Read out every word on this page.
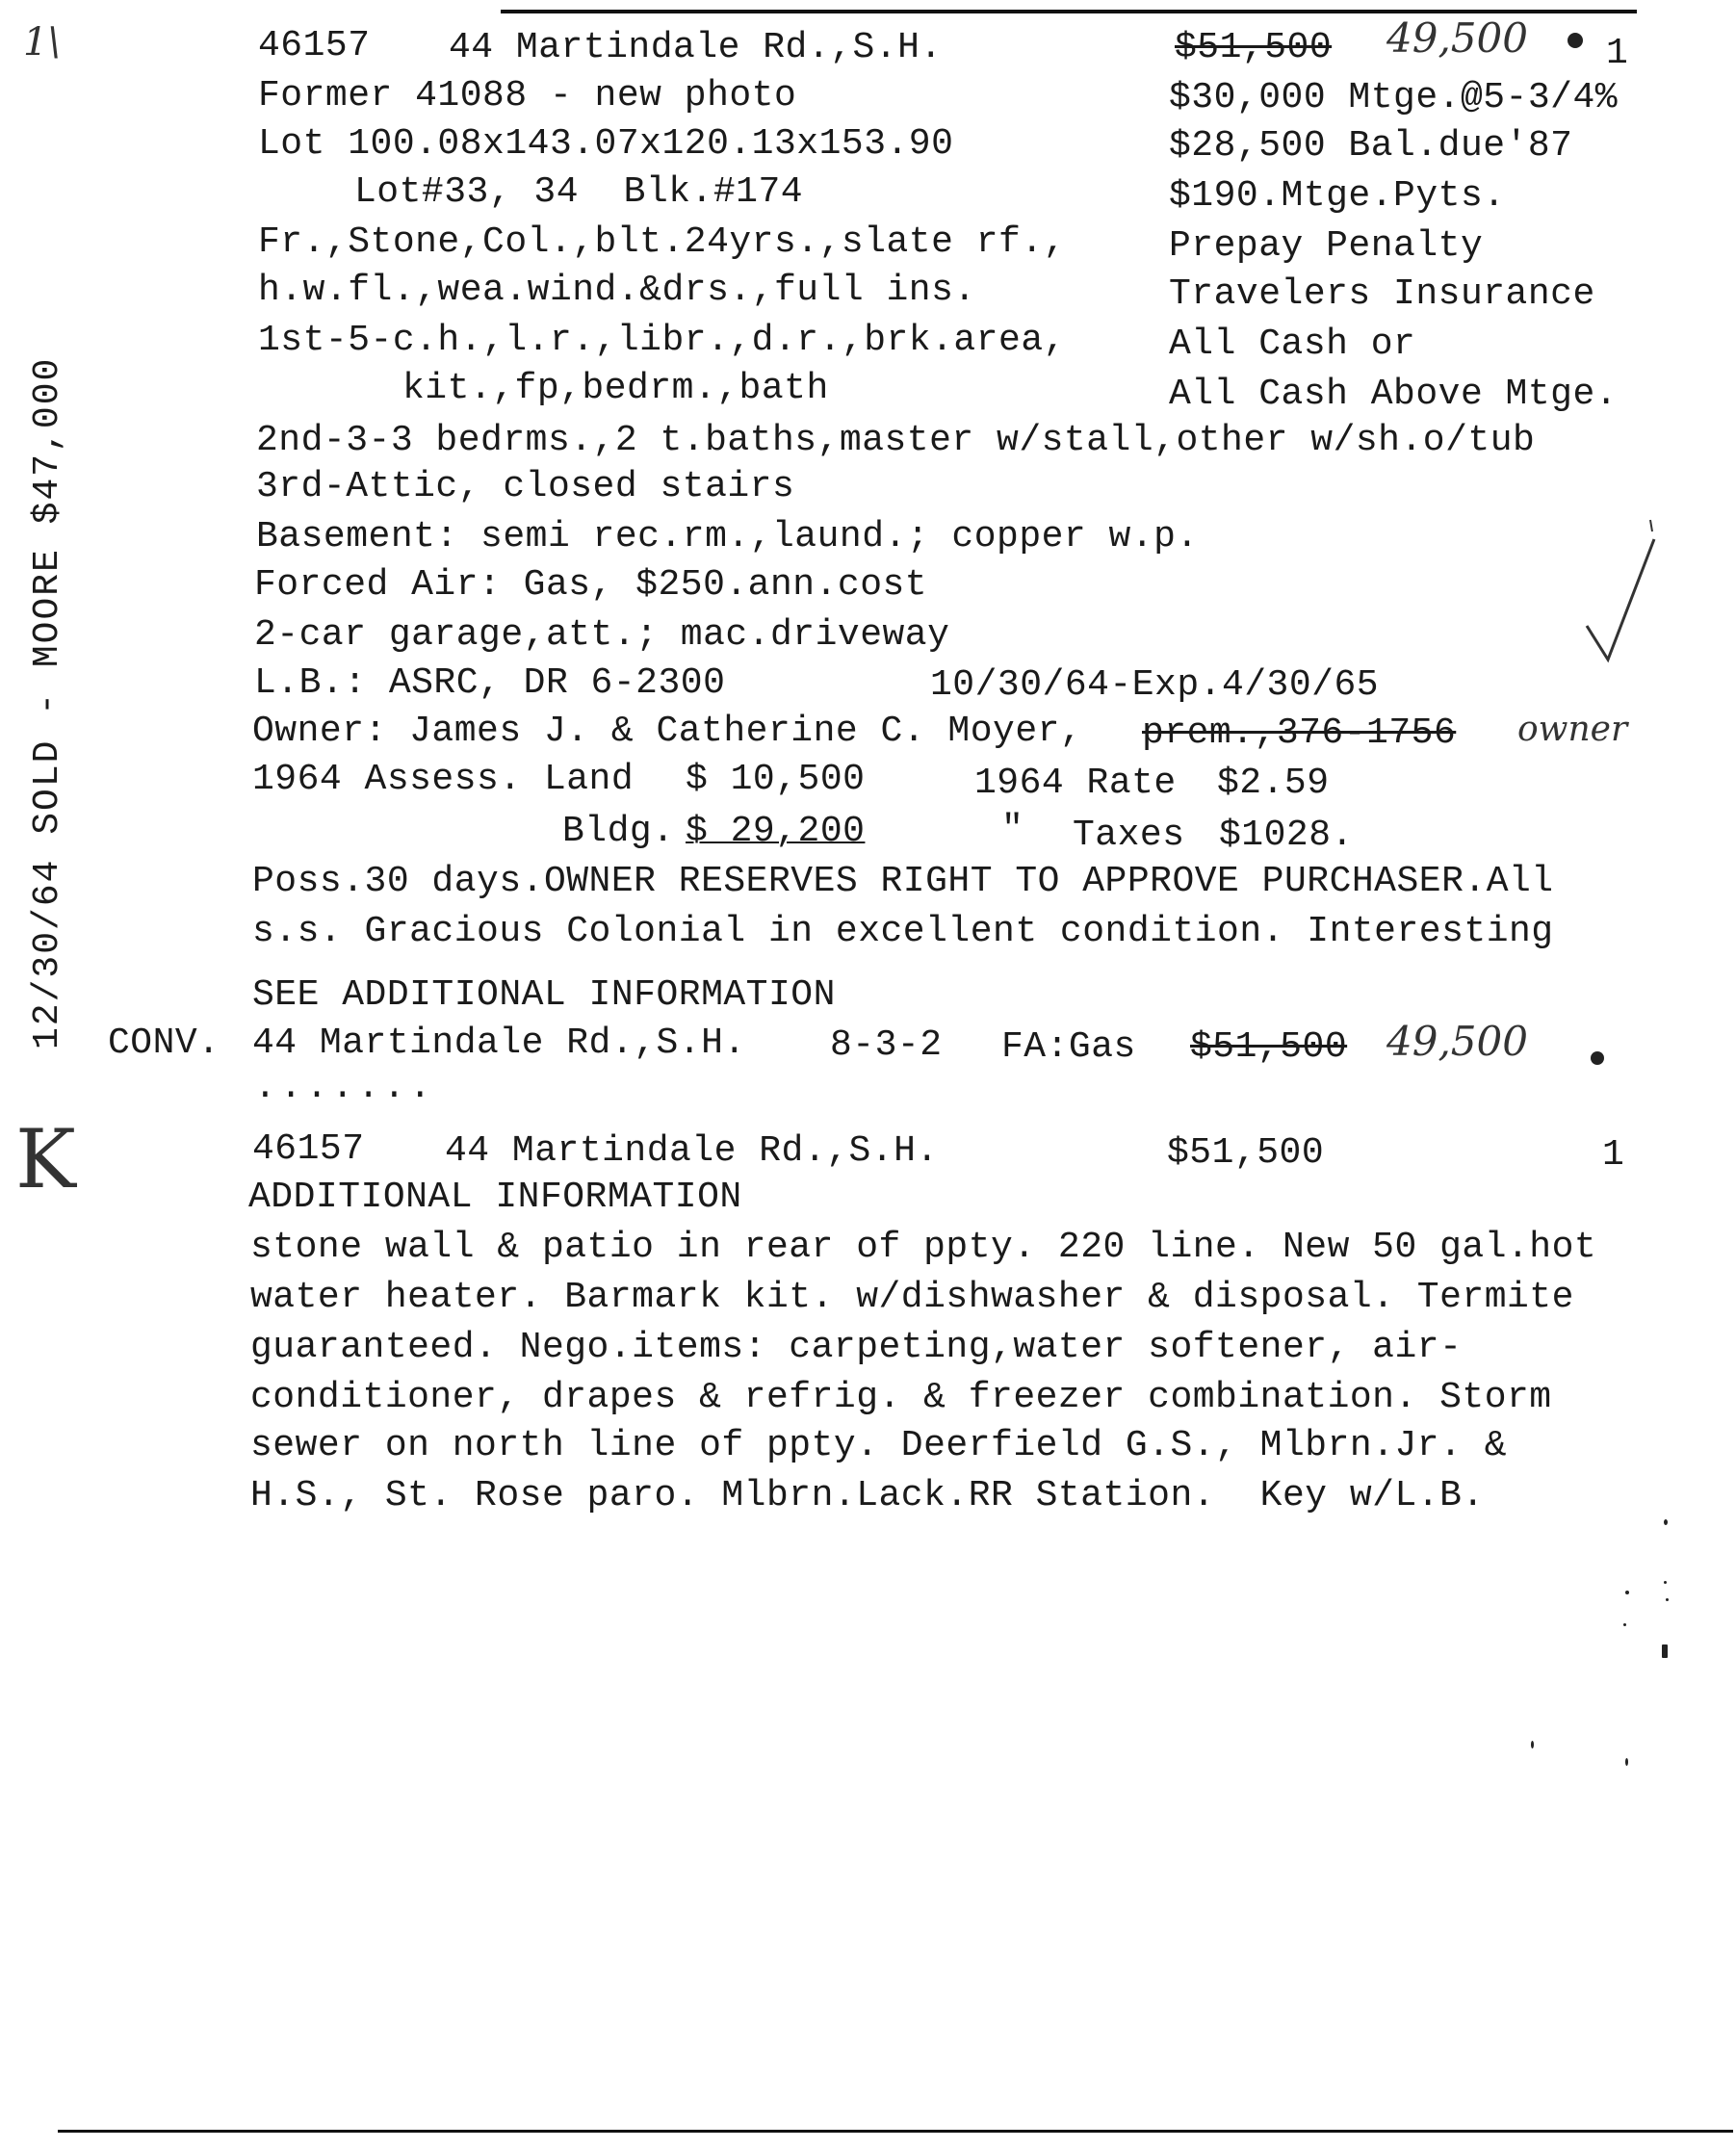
1\	46157 44 Martindale Rd.,S.H.	$51,500 49,500 1
Former 41088 - new photo	$30,000 Mtge.@5-3/4%
Lot 100.08x143.07x120.13x153.90	$28,500 Bal.due'87
Lot#33, 34  Blk.#174	$190.Mtge.Pyts.
Fr.,Stone,Col.,blt.24yrs.,slate rf.,	Prepay Penalty
h.w.fl.,wea.wind.&drs.,full ins.	Travelers Insurance
1st-5-c.h.,l.r.,libr.,d.r.,brk.area,	All Cash or
kit.,fp,bedrm.,bath	All Cash Above Mtge.
2nd-3-3 bedrms.,2 t.baths,master w/stall,other w/sh.o/tub
3rd-Attic, closed stairs
Basement: semi rec.rm.,laund.; copper w.p.
Forced Air: Gas, $250.ann.cost
2-car garage,att.; mac.driveway
L.B.: ASRC, DR 6-2300	10/30/64-Exp.4/30/65
Owner: James J. & Catherine C. Moyer, prem.,376-1756 owner
1964 Assess. Land $ 10,500	1964 Rate $2.59
Bldg. $ 29,200	" Taxes $1028.
Poss.30 days.OWNER RESERVES RIGHT TO APPROVE PURCHASER.All
s.s. Gracious Colonial in excellent condition. Interesting
SEE ADDITIONAL INFORMATION
CONV. 44 Martindale Rd.,S.H. 8-3-2 FA:Gas $51,500 49,500
.......
46157 44 Martindale Rd.,S.H.	$51,500	1
ADDITIONAL INFORMATION
stone wall & patio in rear of ppty. 220 line. New 50 gal.hot
water heater. Barmark kit. w/dishwasher & disposal. Termite
guaranteed. Nego.items: carpeting,water softener, air-
conditioner, drapes & refrig. & freezer combination. Storm
sewer on north line of ppty. Deerfield G.S., Mlbrn.Jr. &
H.S., St. Rose paro. Mlbrn.Lack.RR Station.  Key w/L.B.
12/30/64 SOLD - MOORE $47,000
K
